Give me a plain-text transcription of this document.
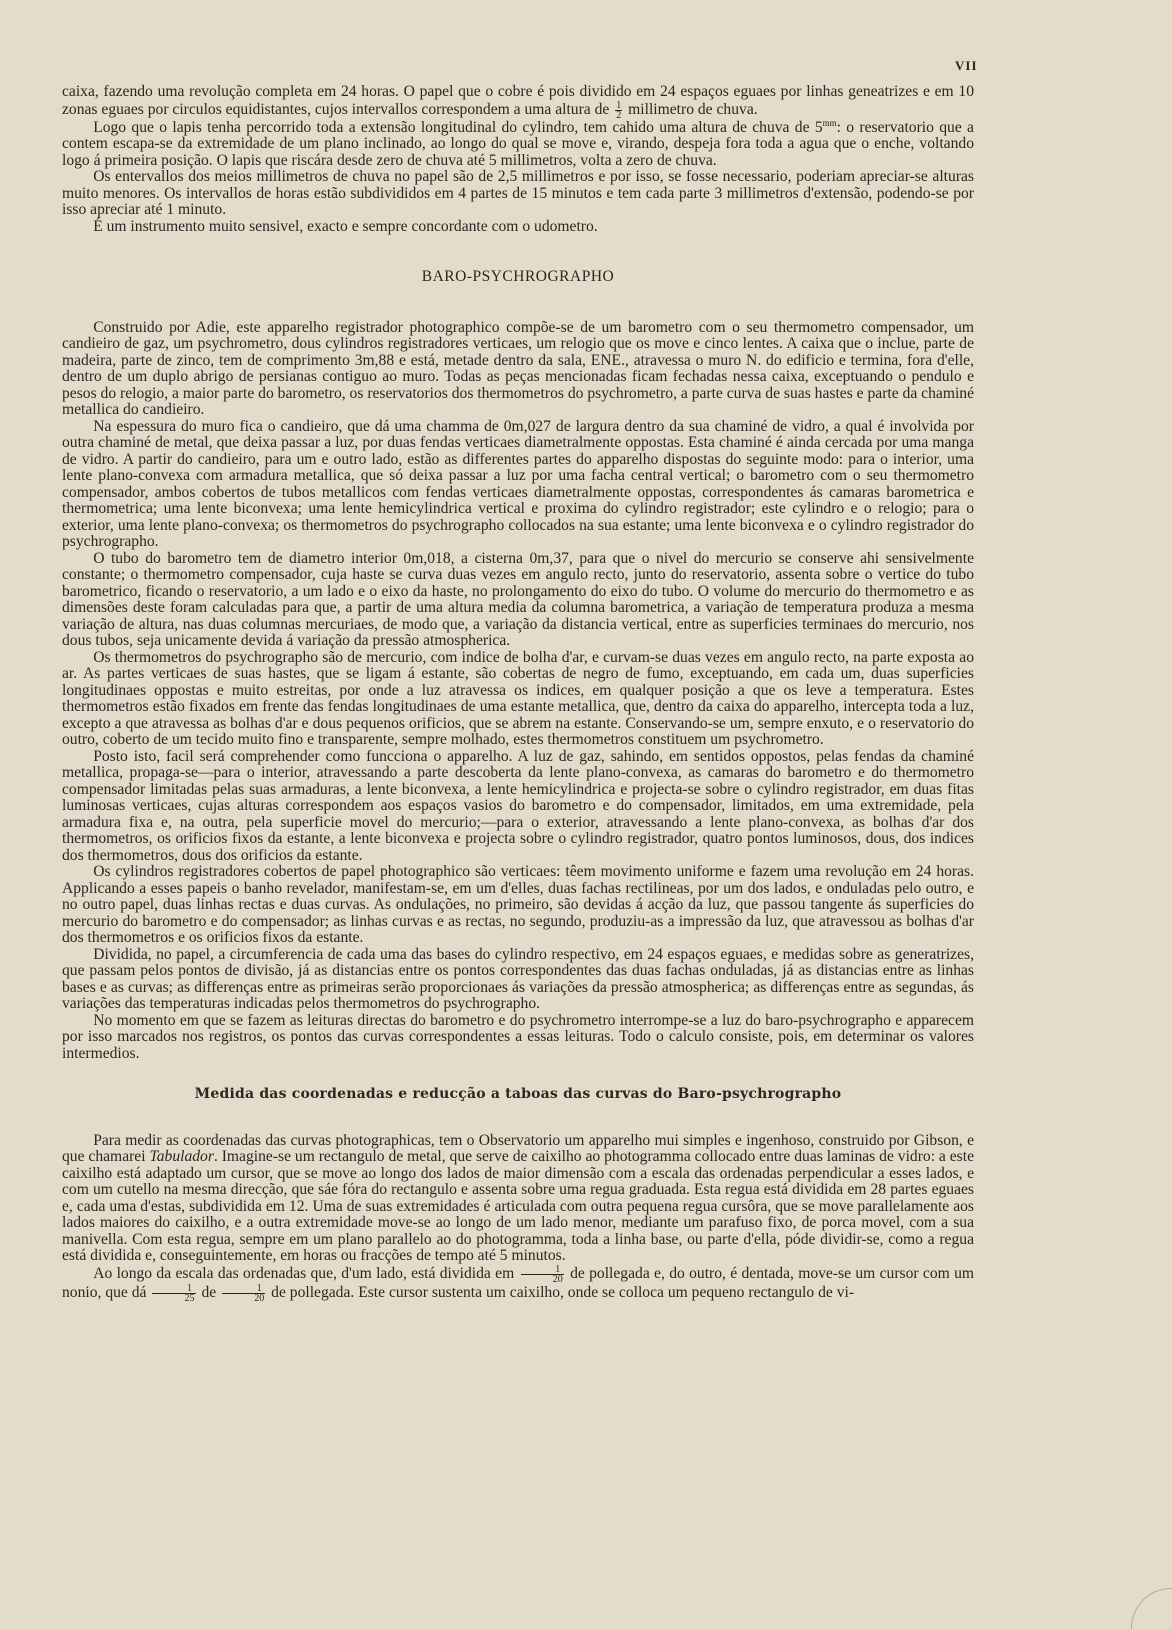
VII

caixa, fazendo uma revolução completa em 24 horas. O papel que o cobre é pois dividido em 24 espaços eguaes por linhas geneatrizes e em 10 zonas eguaes por circulos equidistantes, cujos intervallos correspondem a uma altura de $\frac{1}{2}$ millimetro de chuva.

Logo que o lapis tenha percorrido toda a extensão longitudinal do cylindro, tem cahido uma altura de chuva de $5^{mm}$: o reservatorio que a contem escapa-se da extremidade de um plano inclinado, ao longo do qual se move e, virando, despeja fora toda a agua que o enche, voltando logo á primeira posição. O lapis que riscára desde zero de chuva até 5 millimetros, volta a zero de chuva.

Os entervallos dos meios millimetros de chuva no papel são de 2,5 millimetros e por isso, se fosse necessario, poderiam apreciar-se alturas muito menores. Os intervallos de horas estão subdivididos em 4 partes de 15 minutos e tem cada parte 3 millimetros d'extensão, podendo-se por isso apreciar até 1 minuto.

É um instrumento muito sensivel, exacto e sempre concordante com o udometro.

BARO-PSYCHROGRAPHO

Construido por Adie, este apparelho registrador photographico compõe-se de um barometro com o seu thermometro compensador, um candieiro de gaz, um psychrometro, dous cylindros registradores verticaes, um relogio que os move e cinco lentes. A caixa que o inclue, parte de madeira, parte de zinco, tem de comprimento 3m,88 e está, metade dentro da sala, ENE., atravessa o muro N. do edificio e termina, fora d'elle, dentro de um duplo abrigo de persianas contiguo ao muro. Todas as peças mencionadas ficam fechadas nessa caixa, exceptuando o pendulo e pesos do relogio, a maior parte do barometro, os reservatorios dos thermometros do psychrometro, a parte curva de suas hastes e parte da chaminé metallica do candieiro.

Na espessura do muro fica o candieiro, que dá uma chamma de 0m,027 de largura dentro da sua chaminé de vidro, a qual é involvida por outra chaminé de metal, que deixa passar a luz, por duas fendas verticaes diametralmente oppostas. Esta chaminé é ainda cercada por uma manga de vidro. A partir do candieiro, para um e outro lado, estão as differentes partes do apparelho dispostas do seguinte modo: para o interior, uma lente plano-convexa com armadura metallica, que só deixa passar a luz por uma facha central vertical; o barometro com o seu thermometro compensador, ambos cobertos de tubos metallicos com fendas verticaes diametralmente oppostas, correspondentes ás camaras barometrica e thermometrica; uma lente biconvexa; uma lente hemicylindrica vertical e proxima do cylindro registrador; este cylindro e o relogio; para o exterior, uma lente plano-convexa; os thermometros do psychrographo collocados na sua estante; uma lente biconvexa e o cylindro registrador do psychrographo.

O tubo do barometro tem de diametro interior 0m,018, a cisterna 0m,37, para que o nivel do mercurio se conserve ahi sensivelmente constante; o thermometro compensador, cuja haste se curva duas vezes em angulo recto, junto do reservatorio, assenta sobre o vertice do tubo barometrico, ficando o reservatorio, a um lado e o eixo da haste, no prolongamento do eixo do tubo. O volume do mercurio do thermometro e as dimensões deste foram calculadas para que, a partir de uma altura media da columna barometrica, a variação de temperatura produza a mesma variação de altura, nas duas columnas mercuriaes, de modo que, a variação da distancia vertical, entre as superficies terminaes do mercurio, nos dous tubos, seja unicamente devida á variação da pressão atmospherica.

Os thermometros do psychrographo são de mercurio, com indice de bolha d'ar, e curvam-se duas vezes em angulo recto, na parte exposta ao ar. As partes verticaes de suas hastes, que se ligam á estante, são cobertas de negro de fumo, exceptuando, em cada um, duas superficies longitudinaes oppostas e muito estreitas, por onde a luz atravessa os indices, em qualquer posição a que os leve a temperatura. Estes thermometros estão fixados em frente das fendas longitudinaes de uma estante metallica, que, dentro da caixa do apparelho, intercepta toda a luz, excepto a que atravessa as bolhas d'ar e dous pequenos orificios, que se abrem na estante. Conservando-se um, sempre enxuto, e o reservatorio do outro, coberto de um tecido muito fino e transparente, sempre molhado, estes thermometros constituem um psychrometro.

Posto isto, facil será comprehender como funcciona o apparelho. A luz de gaz, sahindo, em sentidos oppostos, pelas fendas da chaminé metallica, propaga-se—para o interior, atravessando a parte descoberta da lente plano-convexa, as camaras do barometro e do thermometro compensador limitadas pelas suas armaduras, a lente biconvexa, a lente hemicylindrica e projecta-se sobre o cylindro registrador, em duas fitas luminosas verticaes, cujas alturas correspondem aos espaços vasios do barometro e do compensador, limitados, em uma extremidade, pela armadura fixa e, na outra, pela superficie movel do mercurio;—para o exterior, atravessando a lente plano-convexa, as bolhas d'ar dos thermometros, os orificios fixos da estante, a lente biconvexa e projecta sobre o cylindro registrador, quatro pontos luminosos, dous, dos indices dos thermometros, dous dos orificios da estante.

Os cylindros registradores cobertos de papel photographico são verticaes: têem movimento uniforme e fazem uma revolução em 24 horas. Applicando a esses papeis o banho revelador, manifestam-se, em um d'elles, duas fachas rectilineas, por um dos lados, e onduladas pelo outro, e no outro papel, duas linhas rectas e duas curvas. As ondulações, no primeiro, são devidas á acção da luz, que passou tangente ás superficies do mercurio do barometro e do compensador; as linhas curvas e as rectas, no segundo, produziu-as a impressão da luz, que atravessou as bolhas d'ar dos thermometros e os orificios fixos da estante.

Dividida, no papel, a circumferencia de cada uma das bases do cylindro respectivo, em 24 espaços eguaes, e medidas sobre as generatrizes, que passam pelos pontos de divisão, já as distancias entre os pontos correspondentes das duas fachas onduladas, já as distancias entre as linhas bases e as curvas; as differenças entre as primeiras serão proporcionaes ás variações da pressão atmospherica; as differenças entre as segundas, ás variações das temperaturas indicadas pelos thermometros do psychrographo.

No momento em que se fazem as leituras directas do barometro e do psychrometro interrompe-se a luz do baro-psychrographo e apparecem por isso marcados nos registros, os pontos das curvas correspondentes a essas leituras. Todo o calculo consiste, pois, em determinar os valores intermedios.

Medida das coordenadas e reducção a taboas das curvas do Baro-psychrographo

Para medir as coordenadas das curvas photographicas, tem o Observatorio um apparelho mui simples e ingenhoso, construido por Gibson, e que chamarei Tabulador. Imagine-se um rectangulo de metal, que serve de caixilho ao photogramma collocado entre duas laminas de vidro: a este caixilho está adaptado um cursor, que se move ao longo dos lados de maior dimensão com a escala das ordenadas perpendicular a esses lados, e com um cutello na mesma direcção, que sáe fóra do rectangulo e assenta sobre uma regua graduada. Esta regua está dividida em 28 partes eguaes e, cada uma d'estas, subdividida em 12. Uma de suas extremidades é articulada com outra pequena regua cursôra, que se move parallelamente aos lados maiores do caixilho, e a outra extremidade move-se ao longo de um lado menor, mediante um parafuso fixo, de porca movel, com a sua manivella. Com esta regua, sempre em um plano parallelo ao do photogramma, toda a linha base, ou parte d'ella, póde dividir-se, como a regua está dividida e, conseguintemente, em horas ou fracções de tempo até 5 minutos.

Ao longo da escala das ordenadas que, d'um lado, está dividida em $\frac{1}{20}$ de pollegada e, do outro, é dentada, move-se um cursor com um nonio, que dá $\frac{1}{25}$ de $\frac{1}{20}$ de pollegada. Este cursor sustenta um caixilho, onde se colloca um pequeno rectangulo de vi-
